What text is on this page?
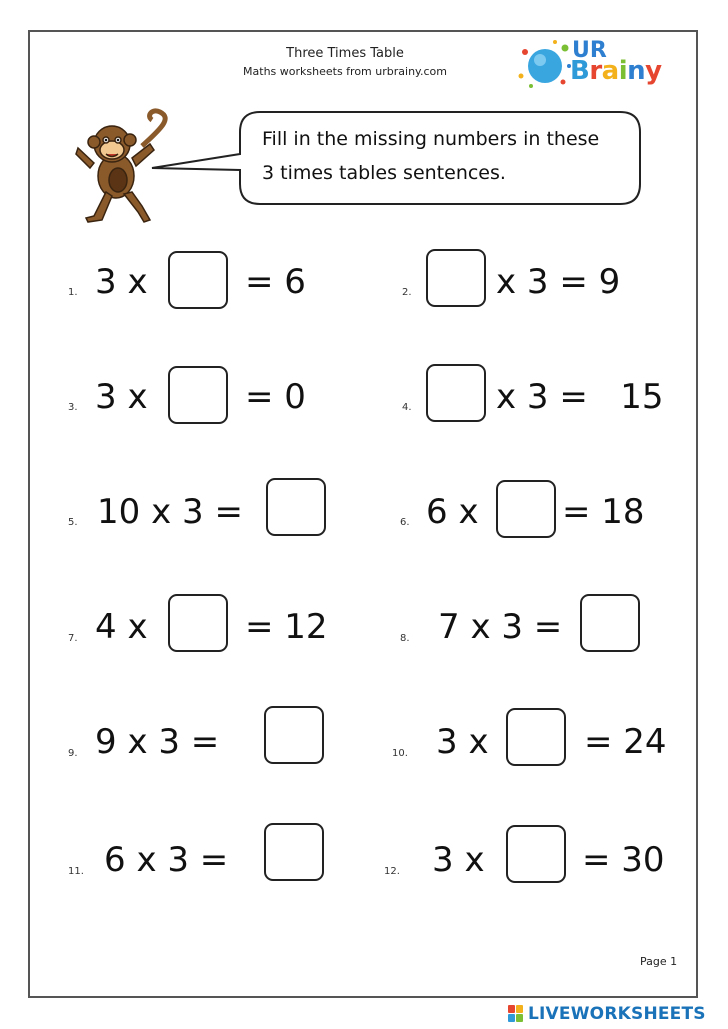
Three Times Table
Maths worksheets from urbrainy.com
UR
Brainy
Fill in the missing numbers in these
3 times tables sentences.
1. 3 x	= 6	2. x 3 = 9
3. 3 x	= 0	4. x 3 =   15
5. 10 x 3 =	6. 6 x = 18
7. 4 x	= 12	8. 7 x 3 =
9. 9 x 3 =	10. 3 x	= 24
11. 6 x 3 =	12. 3 x	= 30
Page 1
LIVEWORKSHEETS
